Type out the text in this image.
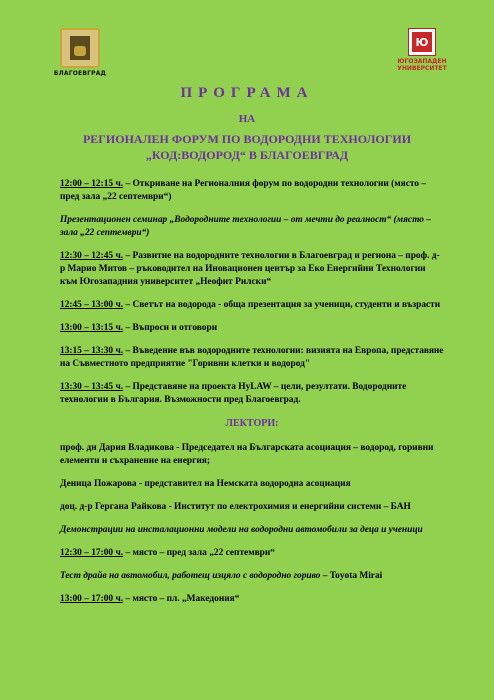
БЛАГОЕВГРАД
Ю
ЮГОЗАПАДЕН
УНИВЕРСИТЕТ
ПРОГРАМА
НА
РЕГИОНАЛЕН ФОРУМ ПО ВОДОРОДНИ ТЕХНОЛОГИИ „КОД:ВОДОРОД“ В БЛАГОЕВГРАД
12:00 – 12:15 ч. – Откриване на Регионалния форум по водородни технологии (място – пред зала „22 септември“)
Презентационен семинар „Водородните технологии – от мечти до реалност“ (място – зала „22 септември“)
12:30 – 12:45 ч. – Развитие на водородните технологии в Благоевград и региона – проф. д-р Марио Митов – ръководител на Иновационен център за Еко Енергийни Технологии към Югозападния университет „Неофит Рилски“
12:45 – 13:00 ч. – Светът на водорода - обща презентация за ученици, студенти и възрасти
13:00 – 13:15 ч. – Въпроси и отговори
13:15 – 13:30 ч. – Въведение във водородните технологии: визията на Европа, представяне на Съвместното предприятие "Горивни клетки и водород"
13:30 – 13:45 ч. – Представяне на проекта HyLAW – цели, резултати. Водородните технологии в България. Възможности пред Благоевград.
ЛЕКТОРИ:
проф. дн Дария Владикова - Председател на Българската асоциация – водород, горивни елементи и съхранение на енергия;
Деница Пожарова - представител на Немската водородна асоциация
доц. д-р Гергана Райкова - Институт по електрохимия и енергийни системи – БАН
Демонстрации на инсталационни модели на водородни автомобили за деца и ученици
12:30 – 17:00 ч. – място – пред зала „22 септември“
Тест драйв на автомобил, работещ изцяло с водородно гориво – Toyota Mirai
13:00 – 17:00 ч. – място – пл. „Македония“
